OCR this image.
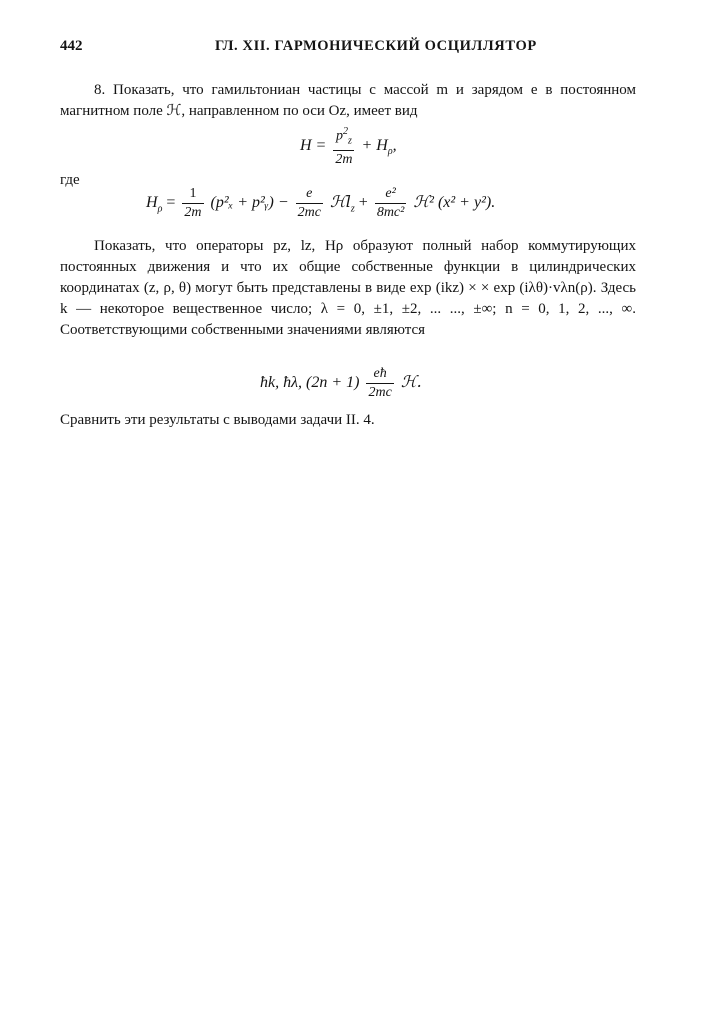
442	ГЛ. XII. ГАРМОНИЧЕСКИЙ ОСЦИЛЛЯТОР
8. Показать, что гамильтониан частицы с массой m и зарядом e в постоянном магнитном поле ℋ, направленном по оси Oz, имеет вид
$H = \frac{p^2_z}{2m} + H_\rho$,
где
$H_\rho = \frac{1}{2m} (p^2_x$ + p²ᵧ) − $\frac{e}{2mc}$ ℋl$_z$ + $\frac{\text{e²}}{\text{8mc²}}$ ℋ² (x² + y²).
Показать, что операторы pz, lz, Hρ образуют полный набор коммутирующих постоянных движения и что их общие собственные функции в цилиндрических координатах (z, ρ, θ) могут быть представлены в виде exp (ikz) × × exp (iλθ)·vλn(ρ). Здесь k — некоторое вещественное число; λ = 0, ±1, ±2, ... ..., ±∞; n = 0, 1, 2, ..., ∞. Соответствующими собственными значениями являются
ħk, ħλ, $(2n + 1) \frac{eħ}{2mc}$ ℋ.
Сравнить эти результаты с выводами задачи II. 4.
